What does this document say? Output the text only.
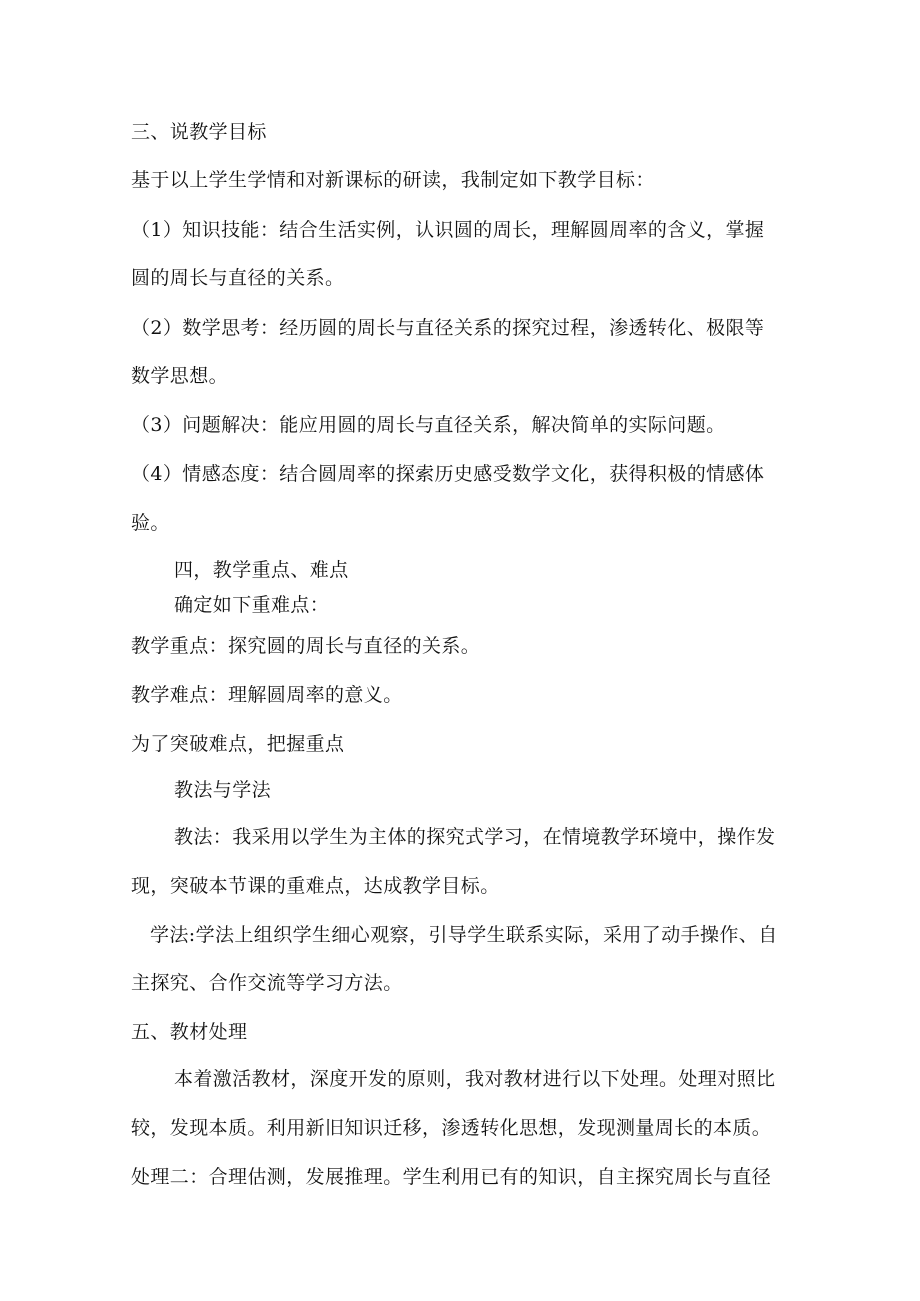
三、说教学目标
基于以上学生学情和对新课标的研读，我制定如下教学目标：
（1）知识技能：结合生活实例，认识圆的周长，理解圆周率的含义，掌握
圆的周长与直径的关系。
（2）数学思考：经历圆的周长与直径关系的探究过程，渗透转化、极限等
数学思想。
（3）问题解决：能应用圆的周长与直径关系，解决简单的实际问题。
（4）情感态度：结合圆周率的探索历史感受数学文化，获得积极的情感体
验。
四，教学重点、难点
确定如下重难点：
教学重点：探究圆的周长与直径的关系。
教学难点：理解圆周率的意义。
为了突破难点，把握重点
教法与学法
教法：我采用以学生为主体的探究式学习，在情境教学环境中，操作发
现，突破本节课的重难点，达成教学目标。
学法:学法上组织学生细心观察，引导学生联系实际，采用了动手操作、自
主探究、合作交流等学习方法。
五、教材处理
本着激活教材，深度开发的原则，我对教材进行以下处理。处理对照比
较，发现本质。利用新旧知识迁移，渗透转化思想，发现测量周长的本质。
处理二：合理估测，发展推理。学生利用已有的知识，自主探究周长与直径
